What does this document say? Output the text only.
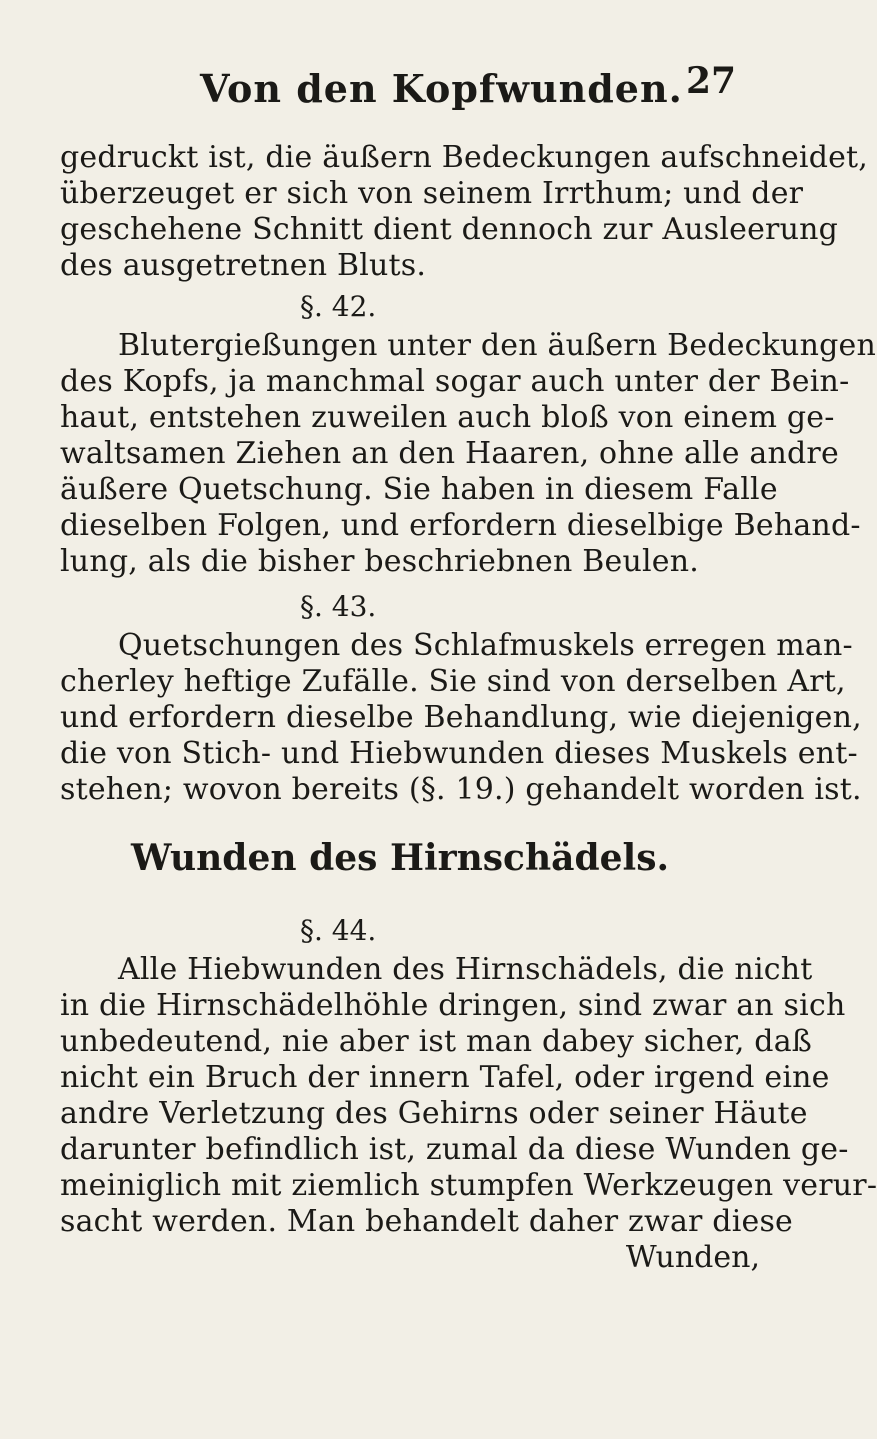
Von den Kopfwunden. 27
gedruckt ist, die äußern Bedeckungen aufschneidet,
überzeuget er sich von seinem Irrthum; und der
geschehene Schnitt dient dennoch zur Ausleerung
des ausgetretnen Bluts.
§. 42.
Blutergießungen unter den äußern Bedeckungen
des Kopfs, ja manchmal sogar auch unter der Bein-
haut, entstehen zuweilen auch bloß von einem ge-
waltsamen Ziehen an den Haaren, ohne alle andre
äußere Quetschung. Sie haben in diesem Falle
dieselben Folgen, und erfordern dieselbige Behand-
lung, als die bisher beschriebnen Beulen.
§. 43.
Quetschungen des Schlafmuskels erregen man-
cherley heftige Zufälle. Sie sind von derselben Art,
und erfordern dieselbe Behandlung, wie diejenigen,
die von Stich- und Hiebwunden dieses Muskels ent-
stehen; wovon bereits (§. 19.) gehandelt worden ist.
Wunden des Hirnschädels.
§. 44.
Alle Hiebwunden des Hirnschädels, die nicht
in die Hirnschädelhöhle dringen, sind zwar an sich
unbedeutend, nie aber ist man dabey sicher, daß
nicht ein Bruch der innern Tafel, oder irgend eine
andre Verletzung des Gehirns oder seiner Häute
darunter befindlich ist, zumal da diese Wunden ge-
meiniglich mit ziemlich stumpfen Werkzeugen verur-
sacht werden. Man behandelt daher zwar diese
Wunden,
